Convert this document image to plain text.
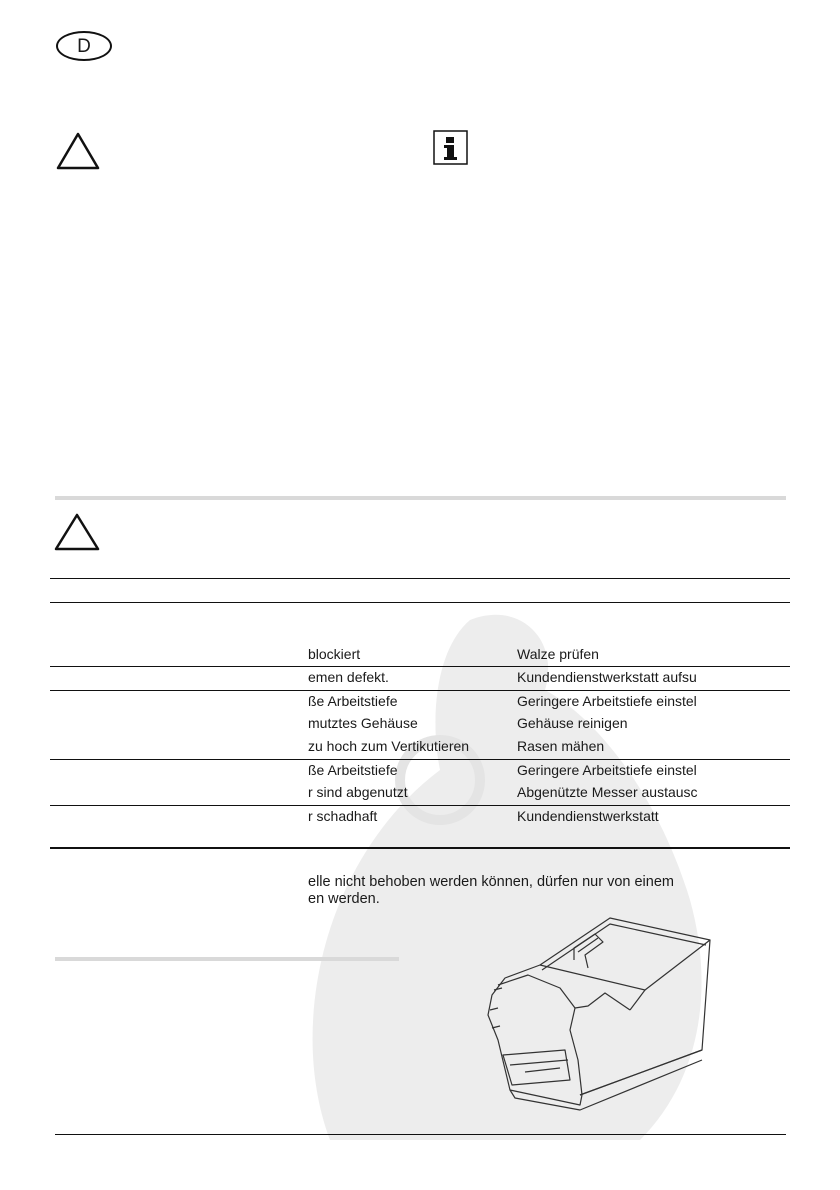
D
blockiert	Walze prüfen
emen defekt.	Kundendienstwerkstatt aufsu
ße Arbeitstiefe	Geringere Arbeitstiefe einstel
mutztes Gehäuse	Gehäuse reinigen
zu hoch zum Vertikutieren	Rasen mähen
ße Arbeitstiefe	Geringere Arbeitstiefe einstel
r sind abgenutzt	Abgenützte Messer austausc
r schadhaft	Kundendienstwerkstatt
elle nicht behoben werden können, dürfen nur von einem
en werden.
